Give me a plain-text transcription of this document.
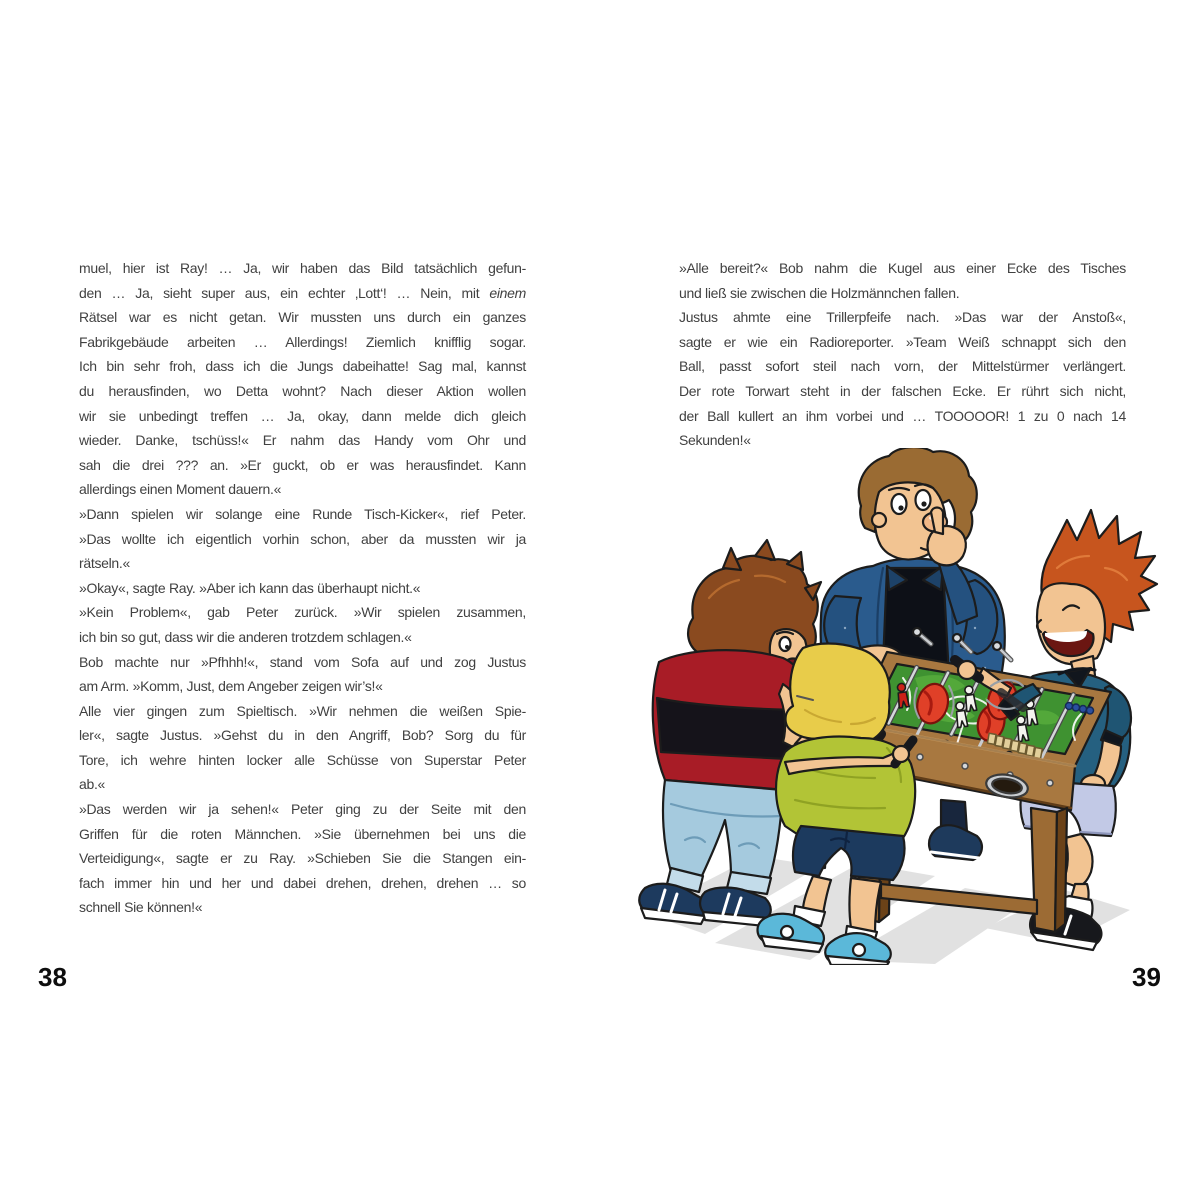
muel, hier ist Ray! … Ja, wir haben das Bild tatsächlich gefun-
den … Ja, sieht super aus, ein echter ‚Lott‘! … Nein, mit einem
Rätsel war es nicht getan. Wir mussten uns durch ein ganzes
Fabrikgebäude arbeiten … Allerdings! Ziemlich knifflig sogar.
Ich bin sehr froh, dass ich die Jungs dabeihatte! Sag mal, kannst
du herausfinden, wo Detta wohnt? Nach dieser Aktion wollen
wir sie unbedingt treffen … Ja, okay, dann melde dich gleich
wieder. Danke, tschüss!« Er nahm das Handy vom Ohr und
sah die drei ??? an. »Er guckt, ob er was herausfindet. Kann
allerdings einen Moment dauern.«
»Dann spielen wir solange eine Runde Tisch-Kicker«, rief Peter.
»Das wollte ich eigentlich vorhin schon, aber da mussten wir ja
rätseln.«
»Okay«, sagte Ray. »Aber ich kann das überhaupt nicht.«
»Kein Problem«, gab Peter zurück. »Wir spielen zusammen,
ich bin so gut, dass wir die anderen trotzdem schlagen.«
Bob machte nur »Pfhhh!«, stand vom Sofa auf und zog Justus
am Arm. »Komm, Just, dem Angeber zeigen wir’s!«
Alle vier gingen zum Spieltisch. »Wir nehmen die weißen Spie-
ler«, sagte Justus. »Gehst du in den Angriff, Bob? Sorg du für
Tore, ich wehre hinten locker alle Schüsse von Superstar Peter
ab.«
»Das werden wir ja sehen!« Peter ging zu der Seite mit den
Griffen für die roten Männchen. »Sie übernehmen bei uns die
Verteidigung«, sagte er zu Ray. »Schieben Sie die Stangen ein-
fach immer hin und her und dabei drehen, drehen, drehen … so
schnell Sie können!«
»Alle bereit?« Bob nahm die Kugel aus einer Ecke des Tisches
und ließ sie zwischen die Holzmännchen fallen.
Justus ahmte eine Trillerpfeife nach. »Das war der Anstoß«,
sagte er wie ein Radioreporter. »Team Weiß schnappt sich den
Ball, passt sofort steil nach vorn, der Mittelstürmer verlängert.
Der rote Torwart steht in der falschen Ecke. Er rührt sich nicht,
der Ball kullert an ihm vorbei und … TOOOOOR! 1 zu 0 nach 14
Sekunden!«
38	39
